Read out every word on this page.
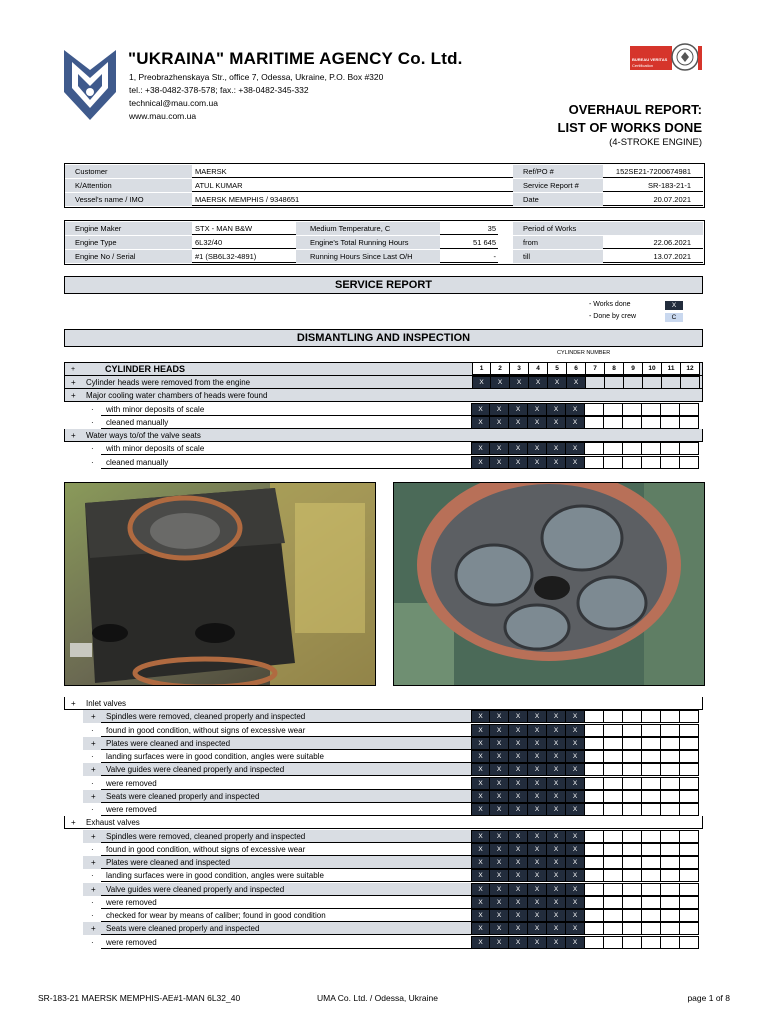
"UKRAINA" MARITIME AGENCY Co. Ltd.
1, Preobrazhenskaya Str., office 7, Odessa, Ukraine, P.O. Box #320
tel.: +38-0482-378-578; fax.: +38-0482-345-332
technical@mau.com.ua
www.mau.com.ua
BUREAU VERITAS
Certification
OVERHAUL REPORT:
LIST OF WORKS DONE
(4-STROKE ENGINE)
Customer	MAERSK
K/Attention	ATUL KUMAR
Vessel's name / IMO	MAERSK MEMPHIS / 9348651
Ref/PO #	152SE21-7200674981
Service Report #	SR-183-21-1
Date	20.07.2021
Engine Maker	STX - MAN B&W
Engine Type	6L32/40
Engine No / Serial	#1 (SB6L32-4891)
Medium Temperature, C	35
Engine's Total Running Hours	51 645
Running Hours Since Last O/H	-
Period of Works
from	22.06.2021
till	13.07.2021
SERVICE REPORT
- Works done	X
- Done by crew	C
DISMANTLING AND INSPECTION
CYLINDER NUMBER
+	CYLINDER HEADS	1	2	3	4	5	6	7	8	9	10	11	12
+	Cylinder heads were removed from the engine	X	X	X	X	X	X
+	Major cooling water chambers of heads were found
·	with minor deposits of scale	X	X	X	X	X	X
·	cleaned manually	X	X	X	X	X	X
+	Water ways to/of the valve seats
·	with minor deposits of scale	X	X	X	X	X	X
·	cleaned manually	X	X	X	X	X	X
+	Inlet valves
+	Spindles were removed, cleaned properly and inspected	X	X	X	X	X	X
·	found in good condition, without signs of excessive wear	X	X	X	X	X	X
+	Plates were cleaned and inspected	X	X	X	X	X	X
·	landing surfaces were in good condition, angles were suitable	X	X	X	X	X	X
+	Valve guides were cleaned properly and inspected	X	X	X	X	X	X
·	were removed	X	X	X	X	X	X
+	Seats were cleaned properly and inspected	X	X	X	X	X	X
·	were removed	X	X	X	X	X	X
+	Exhaust valves
+	Spindles were removed, cleaned properly and inspected	X	X	X	X	X	X
·	found in good condition, without signs of excessive wear	X	X	X	X	X	X
+	Plates were cleaned and inspected	X	X	X	X	X	X
·	landing surfaces were in good condition, angles were suitable	X	X	X	X	X	X
+	Valve guides were cleaned properly and inspected	X	X	X	X	X	X
·	were removed	X	X	X	X	X	X
·	checked for wear by means of caliber; found in good condition	X	X	X	X	X	X
+	Seats were cleaned properly and inspected	X	X	X	X	X	X
·	were removed	X	X	X	X	X	X
SR-183-21 MAERSK MEMPHIS-AE#1-MAN 6L32_40	UMA Co. Ltd. / Odessa, Ukraine	page 1 of 8
